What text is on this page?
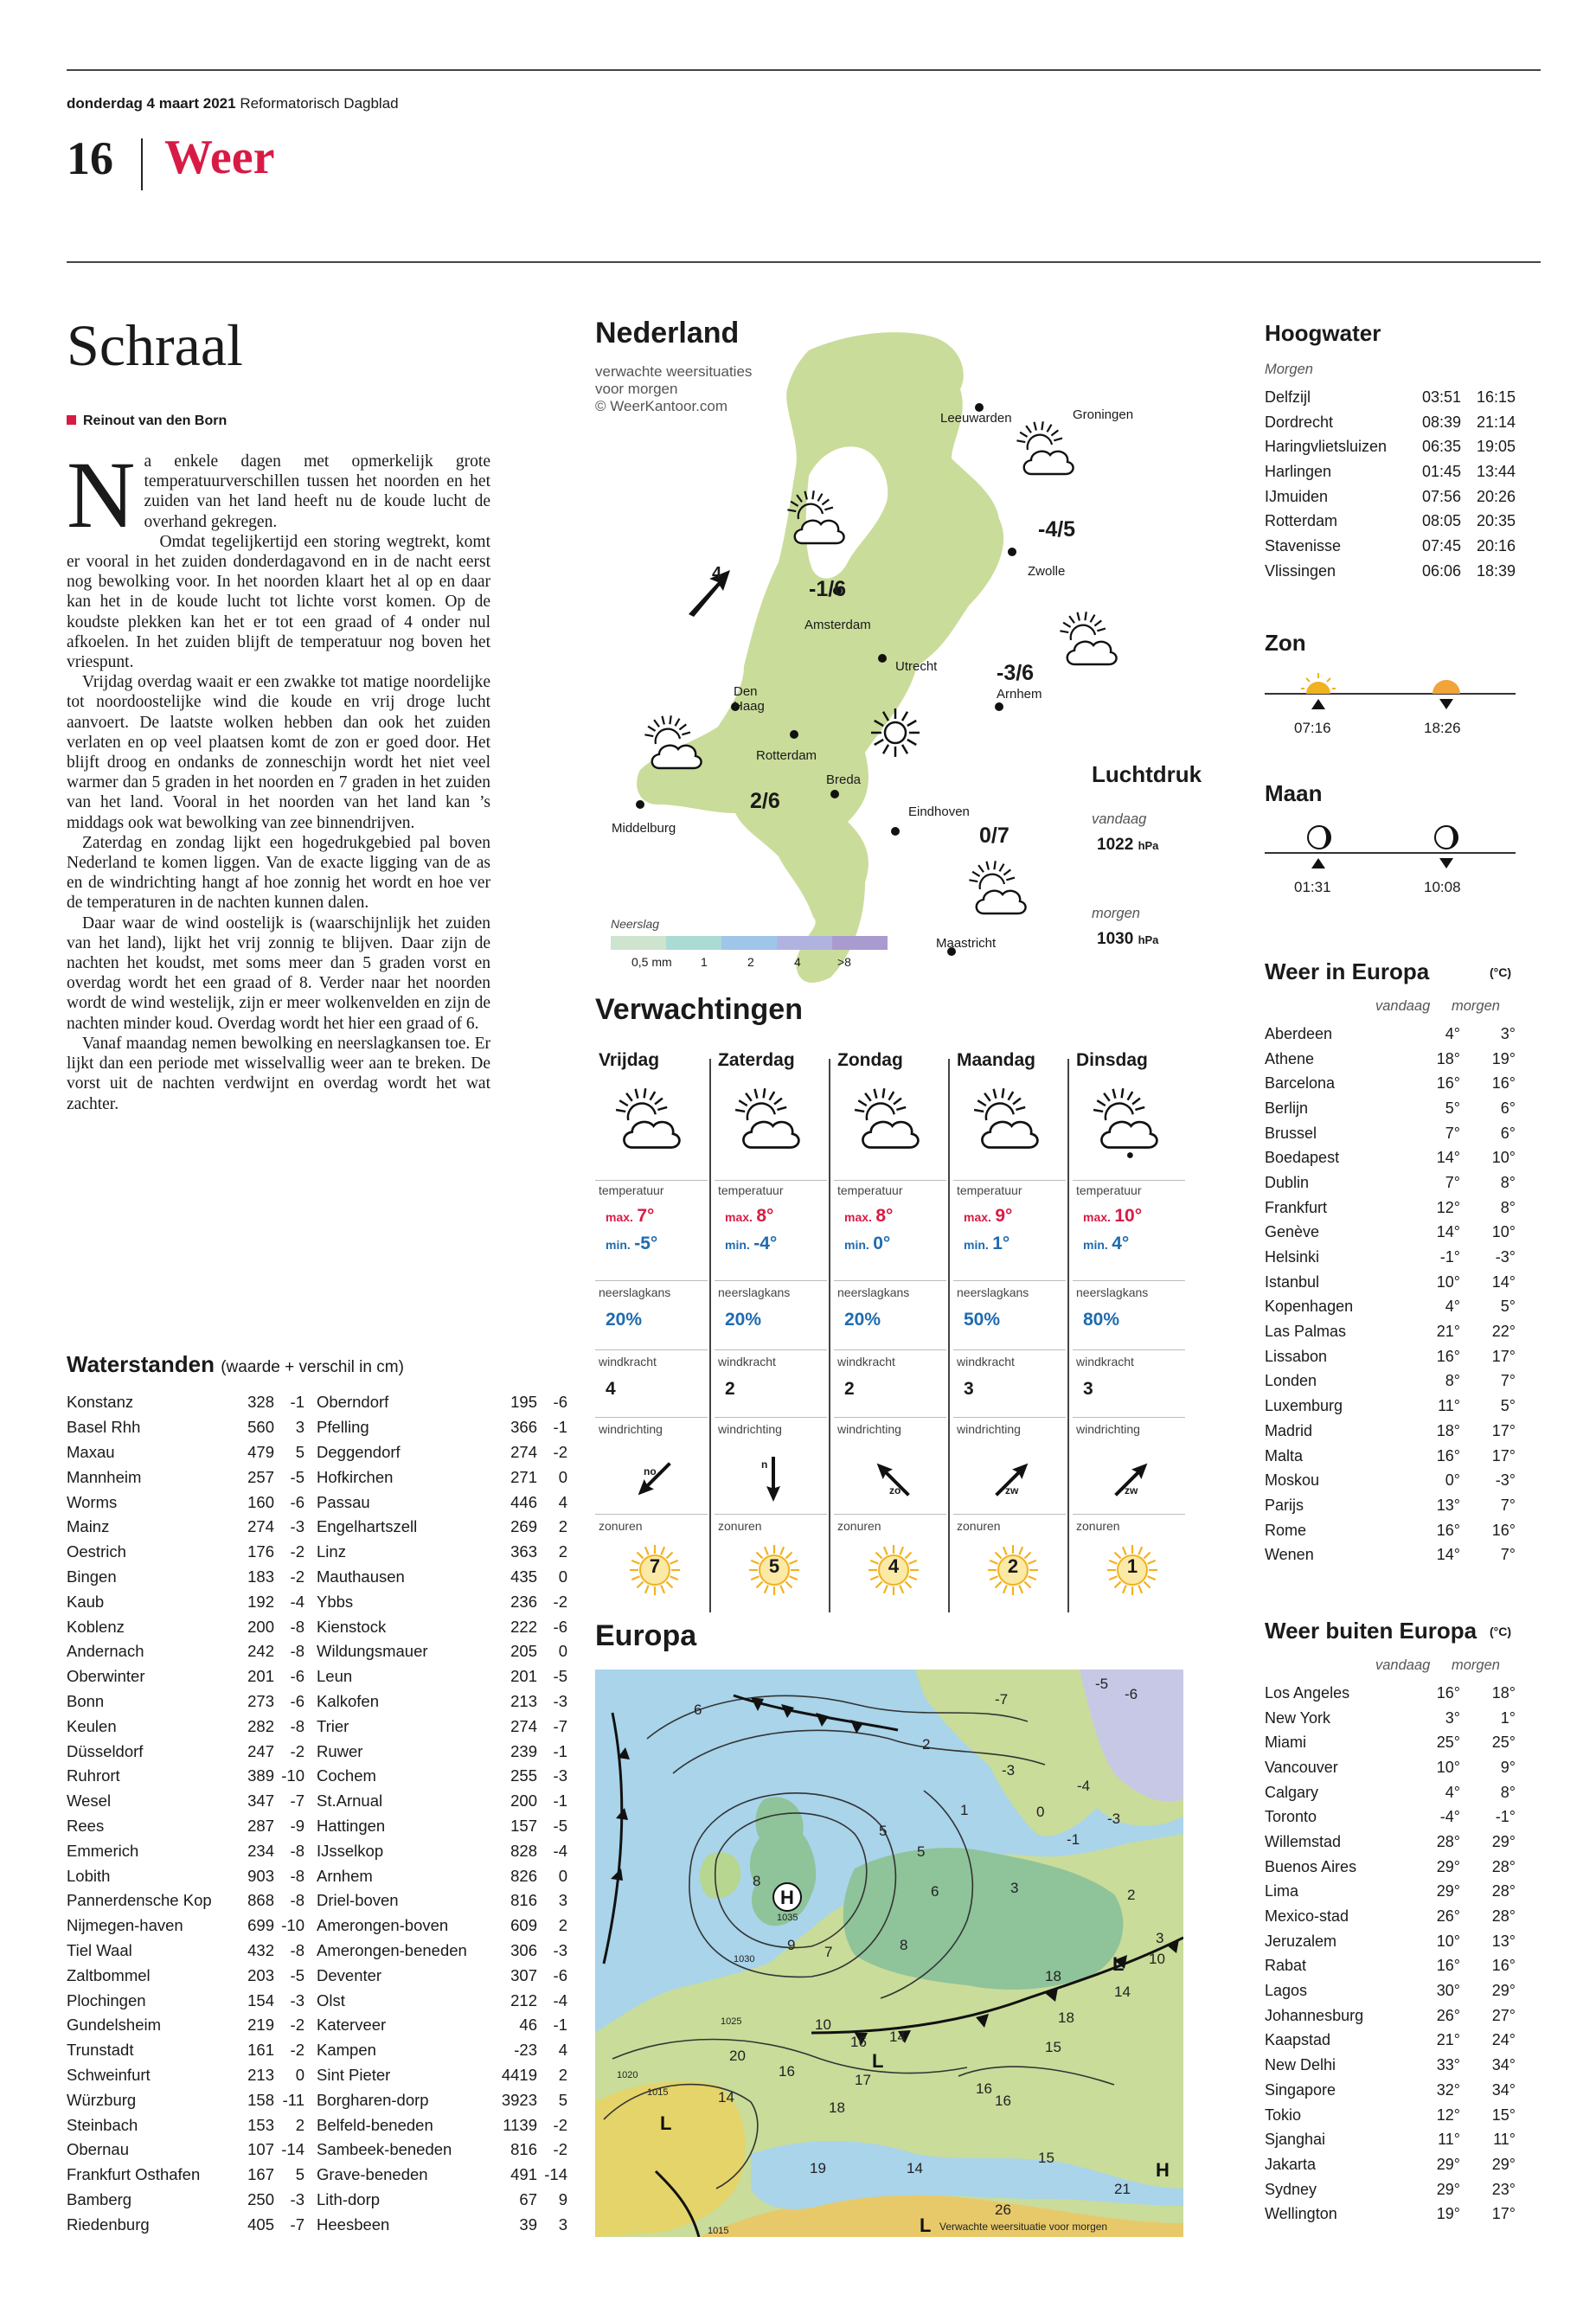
donderdag 4 maart 2021 Reformatorisch Dagblad
16 Weer
Schraal
Reinout van den Born

Na enkele dagen met opmerkelijk grote temperatuurverschillen tussen het noorden en het zuiden van het land heeft nu de koude lucht de overhand gekregen.

Omdat tegelijkertijd een storing wegtrekt, komt er vooral in het zuiden donderdagavond en in de nacht eerst nog bewolking voor. In het noorden klaart het al op en daar kan het in de koude lucht tot lichte vorst komen. Op de koudste plekken kan het er tot een graad of 4 onder nul afkoelen. In het zuiden blijft de temperatuur nog boven het vriespunt.

Vrijdag overdag waait er een zwakke tot matige noordelijke tot noordoostelijke wind die koude en vrij droge lucht aanvoert. De laatste wolken hebben dan ook het zuiden verlaten en op veel plaatsen komt de zon er goed door. Het blijft droog en ondanks de zonneschijn wordt het niet veel warmer dan 5 graden in het noorden en 7 graden in het zuiden van het land. Vooral in het noorden van het land kan ’s middags ook wat bewolking van zee binnendrijven.

Zaterdag en zondag lijkt een hogedrukgebied pal boven Nederland te komen liggen. Van de exacte ligging van de as en de windrichting hangt af hoe zonnig het wordt en hoe ver de temperaturen in de nachten kunnen dalen.

Daar waar de wind oostelijk is (waarschijnlijk het zuiden van het land), lijkt het vrij zonnig te blijven. Daar zijn de nachten het koudst, met soms meer dan 5 graden vorst en overdag wordt het een graad of 8. Verder naar het noorden wordt de wind westelijk, zijn er meer wolkenvelden en zijn de nachten minder koud. Overdag wordt het hier een graad of 6.

Vanaf maandag nemen bewolking en neerslagkansen toe. Er lijkt dan een periode met wisselvallig weer aan te breken. De vorst uit de nachten verdwijnt en overdag wordt het wat zachter.

Waterstanden (waarde + verschil in cm)
Konstanz	328	-1
Basel Rhh	560	3
Maxau	479	5
Mannheim	257	-5
Worms	160	-6
Mainz	274	-3
Oestrich	176	-2
Bingen	183	-2
Kaub	192	-4
Koblenz	200	-8
Andernach	242	-8
Oberwinter	201	-6
Bonn	273	-6
Keulen	282	-8
Düsseldorf	247	-2
Ruhrort	389	-10
Wesel	347	-7
Rees	287	-9
Emmerich	234	-8
Lobith	903	-8
Pannerdensche Kop	868	-8
Nijmegen-haven	699	-10
Tiel Waal	432	-8
Zaltbommel	203	-5
Plochingen	154	-3
Gundelsheim	219	-2
Trunstadt	161	-2
Schweinfurt	213	0
Würzburg	158	-11
Steinbach	153	2
Obernau	107	-14
Frankfurt Osthafen	167	5
Bamberg	250	-3
Riedenburg	405	-7
Oberndorf	195	-6
Pfelling	366	-1
Deggendorf	274	-2
Hofkirchen	271	0
Passau	446	4
Engelhartszell	269	2
Linz	363	2
Mauthausen	435	0
Ybbs	236	-2
Kienstock	222	-6
Wildungsmauer	205	0
Leun	201	-5
Kalkofen	213	-3
Trier	274	-7
Ruwer	239	-1
Cochem	255	-3
St.Arnual	200	-1
Hattingen	157	-5
IJsselkop	828	-4
Arnhem	826	0
Driel-boven	816	3
Amerongen-boven	609	2
Amerongen-beneden	306	-3
Deventer	307	-6
Olst	212	-4
Katerveer	46	-1
Kampen	-23	4
Sint Pieter	4419	2
Borgharen-dorp	3923	5
Belfeld-beneden	1139	-2
Sambeek-beneden	816	-2
Grave-beneden	491	-14
Lith-dorp	67	9
Heesbeen	39	3
Nederland
verwachte weersituaties
voor morgen
© WeerKantoor.com
Leeuwarden	Groningen
Zwolle
Amsterdam
Utrecht
Den Haag
Arnhem
Rotterdam
Breda
Eindhoven
Middelburg
Maastricht
-4/5
-1/6
-3/6
2/6
0/7
4
Neerslag
0,5 mm 1	2	4	>8
Luchtdruk
vandaag
1022 hPa
morgen
1030 hPa
Verwachtingen
Vrijdag
temperatuur
max. 7°
min. -5°
neerslagkans
20%
windkracht
4
windrichting
no
zonuren
7
Zaterdag
temperatuur
max. 8°
min. -4°
neerslagkans
20%
windkracht
2
windrichting
n
zonuren
5
Zondag
temperatuur
max. 8°
min. 0°
neerslagkans
20%
windkracht
2
windrichting
zo
zonuren
4
Maandag
temperatuur
max. 9°
min. 1°
neerslagkans
50%
windkracht
3
windrichting
zw
zonuren
2
Dinsdag
temperatuur
max. 10°
min. 4°
neerslagkans
80%
windkracht
3
windrichting
zw
zonuren
1
Europa
H
L
L
L
H
L
1035
1030
1025
1020
1015
1015
-5
-7	-6
6
2
-3
-4
-3
5
1	0
-1
8
5
6	3	2
9 7	8	3
10
18
14
10
16 14
15
20
16
14
18	16
19	14
15
18
17
16
21
26
Verwachte weersituatie voor morgen
Hoogwater
Morgen
Delfzijl	03:51	16:15
Dordrecht	08:39	21:14
Haringvlietsluizen	06:35	19:05
Harlingen	01:45	13:44
IJmuiden	07:56	20:26
Rotterdam	08:05	20:35
Stavenisse	07:45	20:16
Vlissingen	06:06	18:39
Zon
07:16	18:26
Maan
01:31	10:08
Weer in Europa	(°C)
vandaag morgen
Aberdeen	4°	3°
Athene	18°	19°
Barcelona	16°	16°
Berlijn	5°	6°
Brussel	7°	6°
Boedapest	14°	10°
Dublin	7°	8°
Frankfurt	12°	8°
Genève	14°	10°
Helsinki	-1°	-3°
Istanbul	10°	14°
Kopenhagen	4°	5°
Las Palmas	21°	22°
Lissabon	16°	17°
Londen	8°	7°
Luxemburg	11°	5°
Madrid	18°	17°
Malta	16°	17°
Moskou	0°	-3°
Parijs	13°	7°
Rome	16°	16°
Wenen	14°	7°
Weer buiten Europa (°C)
vandaag morgen
Los Angeles	16°	18°
New York	3°	1°
Miami	25°	25°
Vancouver	10°	9°
Calgary	4°	8°
Toronto	-4°	-1°
Willemstad	28°	29°
Buenos Aires	29°	28°
Lima	29°	28°
Mexico-stad	26°	28°
Jeruzalem	10°	13°
Rabat	16°	16°
Lagos	30°	29°
Johannesburg	26°	27°
Kaapstad	21°	24°
New Delhi	33°	34°
Singapore	32°	34°
Tokio	12°	15°
Sjanghai	11°	11°
Jakarta	29°	29°
Sydney	29°	23°
Wellington	19°	17°
